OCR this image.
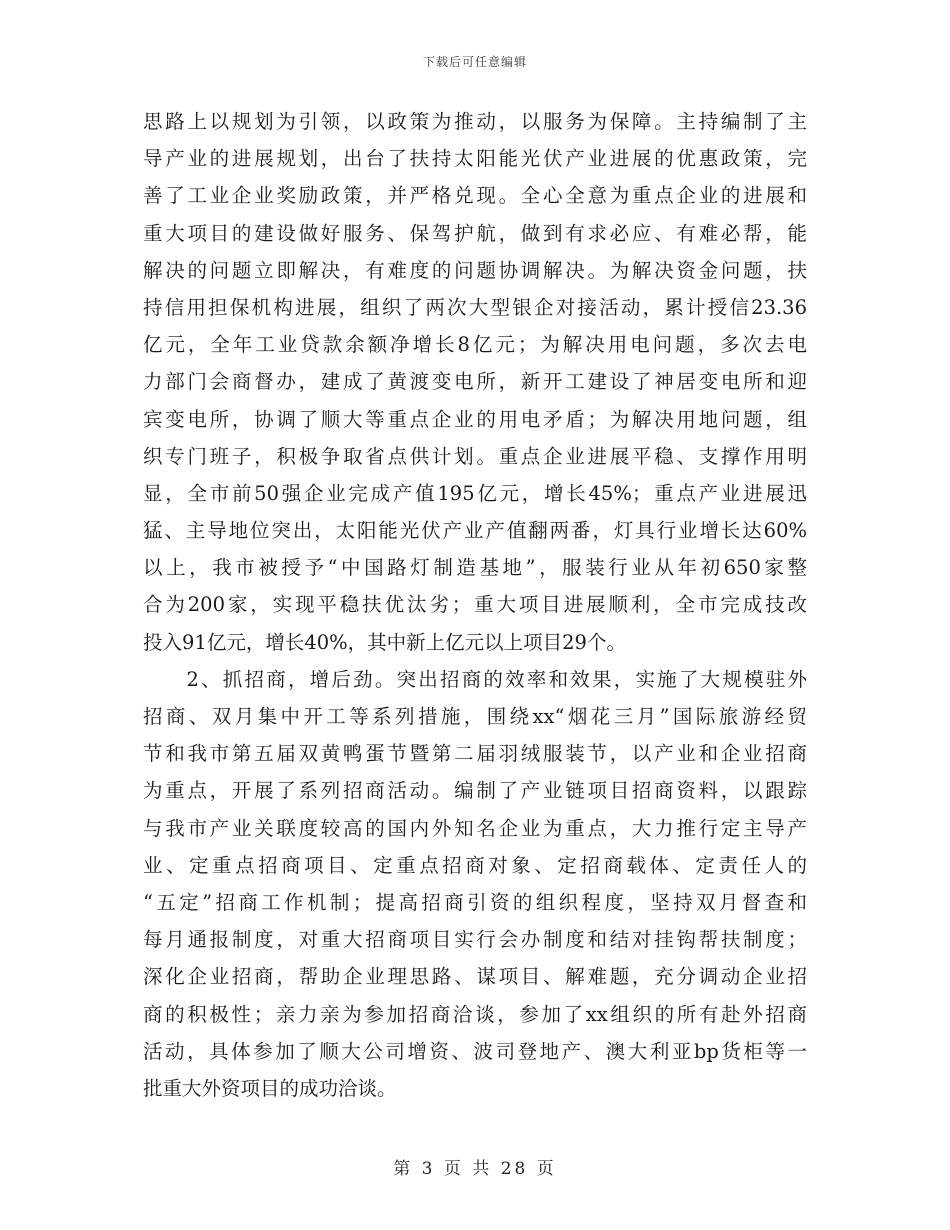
下载后可任意编辑
思路上以规划为引领，以政策为推动，以服务为保障。主持编制了主
导产业的进展规划，出台了扶持太阳能光伏产业进展的优惠政策，完
善了工业企业奖励政策，并严格兑现。全心全意为重点企业的进展和
重大项目的建设做好服务、保驾护航，做到有求必应、有难必帮，能
解决的问题立即解决，有难度的问题协调解决。为解决资金问题，扶
持信用担保机构进展，组织了两次大型银企对接活动，累计授信23.36
亿元，全年工业贷款余额净增长8亿元；为解决用电问题，多次去电
力部门会商督办，建成了黄渡变电所，新开工建设了神居变电所和迎
宾变电所，协调了顺大等重点企业的用电矛盾；为解决用地问题，组
织专门班子，积极争取省点供计划。重点企业进展平稳、支撑作用明
显，全市前50强企业完成产值195亿元，增长45%；重点产业进展迅
猛、主导地位突出，太阳能光伏产业产值翻两番，灯具行业增长达60%
以上，我市被授予“中国路灯制造基地”，服装行业从年初650家整
合为200家，实现平稳扶优汰劣；重大项目进展顺利，全市完成技改
投入91亿元，增长40%，其中新上亿元以上项目29个。
　　2、抓招商，增后劲。突出招商的效率和效果，实施了大规模驻外
招商、双月集中开工等系列措施，围绕xx“烟花三月”国际旅游经贸
节和我市第五届双黄鸭蛋节暨第二届羽绒服装节，以产业和企业招商
为重点，开展了系列招商活动。编制了产业链项目招商资料，以跟踪
与我市产业关联度较高的国内外知名企业为重点，大力推行定主导产
业、定重点招商项目、定重点招商对象、定招商载体、定责任人的
“五定”招商工作机制；提高招商引资的组织程度，坚持双月督查和
每月通报制度，对重大招商项目实行会办制度和结对挂钩帮扶制度；
深化企业招商，帮助企业理思路、谋项目、解难题，充分调动企业招
商的积极性；亲力亲为参加招商洽谈，参加了xx组织的所有赴外招商
活动，具体参加了顺大公司增资、波司登地产、澳大利亚bp货柜等一
批重大外资项目的成功洽谈。
第 3 页 共 28 页
